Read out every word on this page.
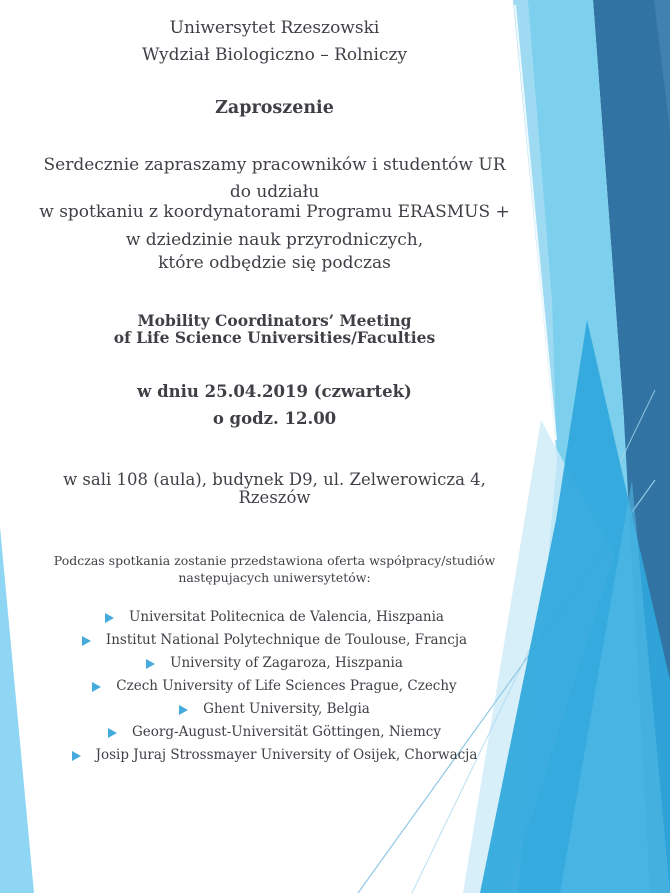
Uniwersytet Rzeszowski
Wydział Biologiczno – Rolniczy
Zaproszenie
Serdecznie zapraszamy pracowników i studentów UR
do udziału
w spotkaniu z koordynatorami Programu ERASMUS +
w dziedzinie nauk przyrodniczych,
które odbędzie się podczas
Mobility Coordinators’ Meeting
of Life Science Universities/Faculties
w dniu 25.04.2019 (czwartek)
o godz. 12.00
w sali 108 (aula), budynek D9, ul. Zelwerowicza 4,
Rzeszów
Podczas spotkania zostanie przedstawiona oferta współpracy/studiów
następujacych uniwersytetów:
Universitat Politecnica de Valencia, Hiszpania
Institut National Polytechnique de Toulouse, Francja
University of Zagaroza, Hiszpania
Czech University of Life Sciences Prague, Czechy
Ghent University, Belgia
Georg-August-Universität Göttingen, Niemcy
Josip Juraj Strossmayer University of Osijek, Chorwacja
